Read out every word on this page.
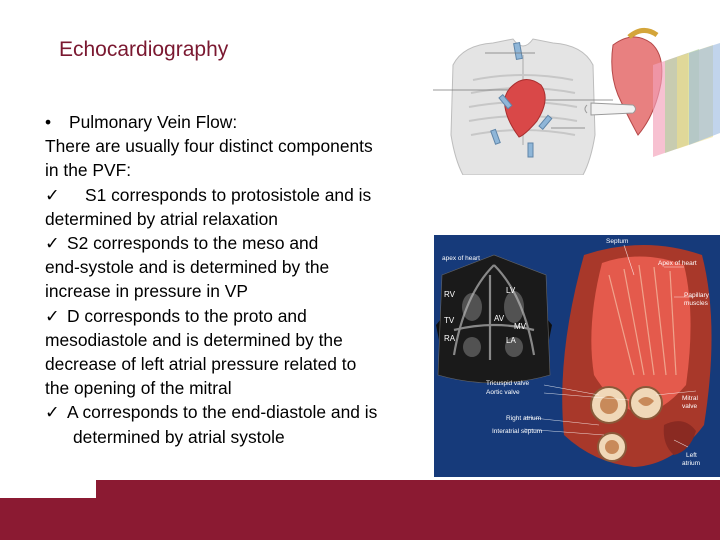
Echocardiography
• Pulmonary Vein Flow:
There are usually four distinct components
in the PVF:
✓ S1 corresponds to protosistole and is
determined by atrial relaxation
✓ S2 corresponds to the meso and
end-systole and is determined by the
increase in pressure in VP
✓ D corresponds to the proto and
mesodiastole and is determined by the
decrease of left atrial pressure related to
the opening of the mitral
✓ A corresponds to the end-diastole and is
determined by atrial systole
apex of heart
RV	LV
TV	AV
MV
RA	LA
Septum
Apex of heart
Papillary
muscles
Tricuspid valve
Aortic valve
Right atrium
Interatrial septum
Mitral
valve
Left
atrium
